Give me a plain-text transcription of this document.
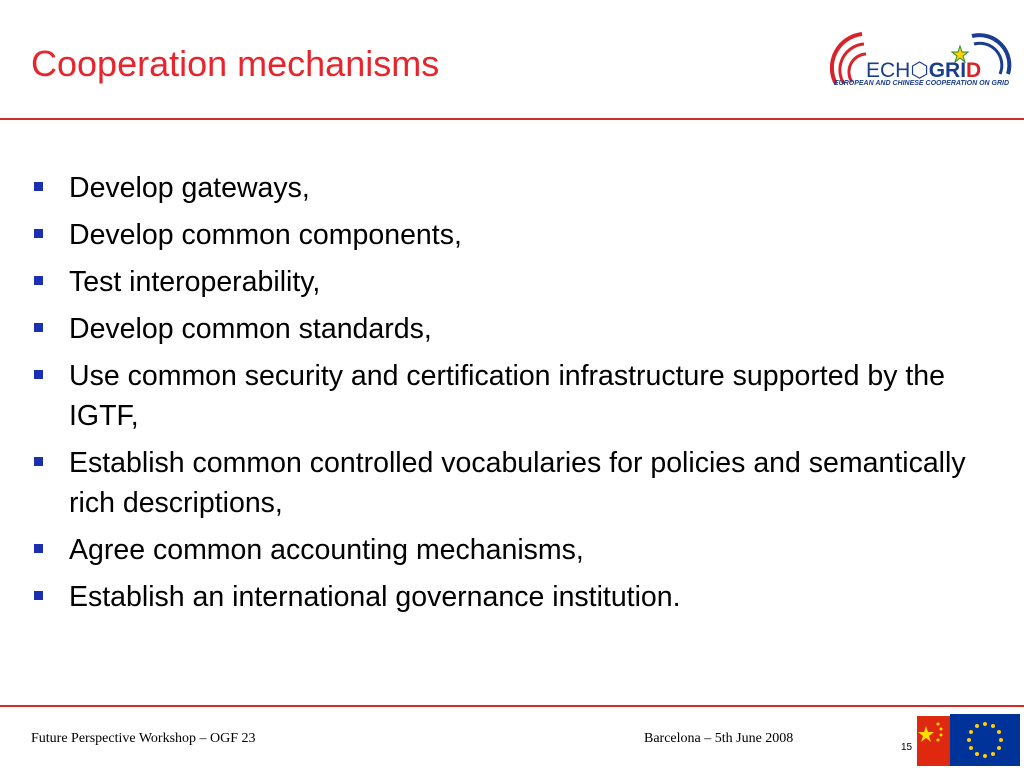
Cooperation mechanisms	ECH⬡GRID
EUROPEAN AND CHINESE COOPERATION ON GRID
Develop gateways,
Develop common components,
Test interoperability,
Develop common standards,
Use common security and certification infrastructure supported by the IGTF,
Establish common controlled vocabularies for policies and semantically rich descriptions,
Agree common accounting mechanisms,
Establish an international governance institution.
Future Perspective Workshop – OGF 23	Barcelona – 5th June 2008
15
